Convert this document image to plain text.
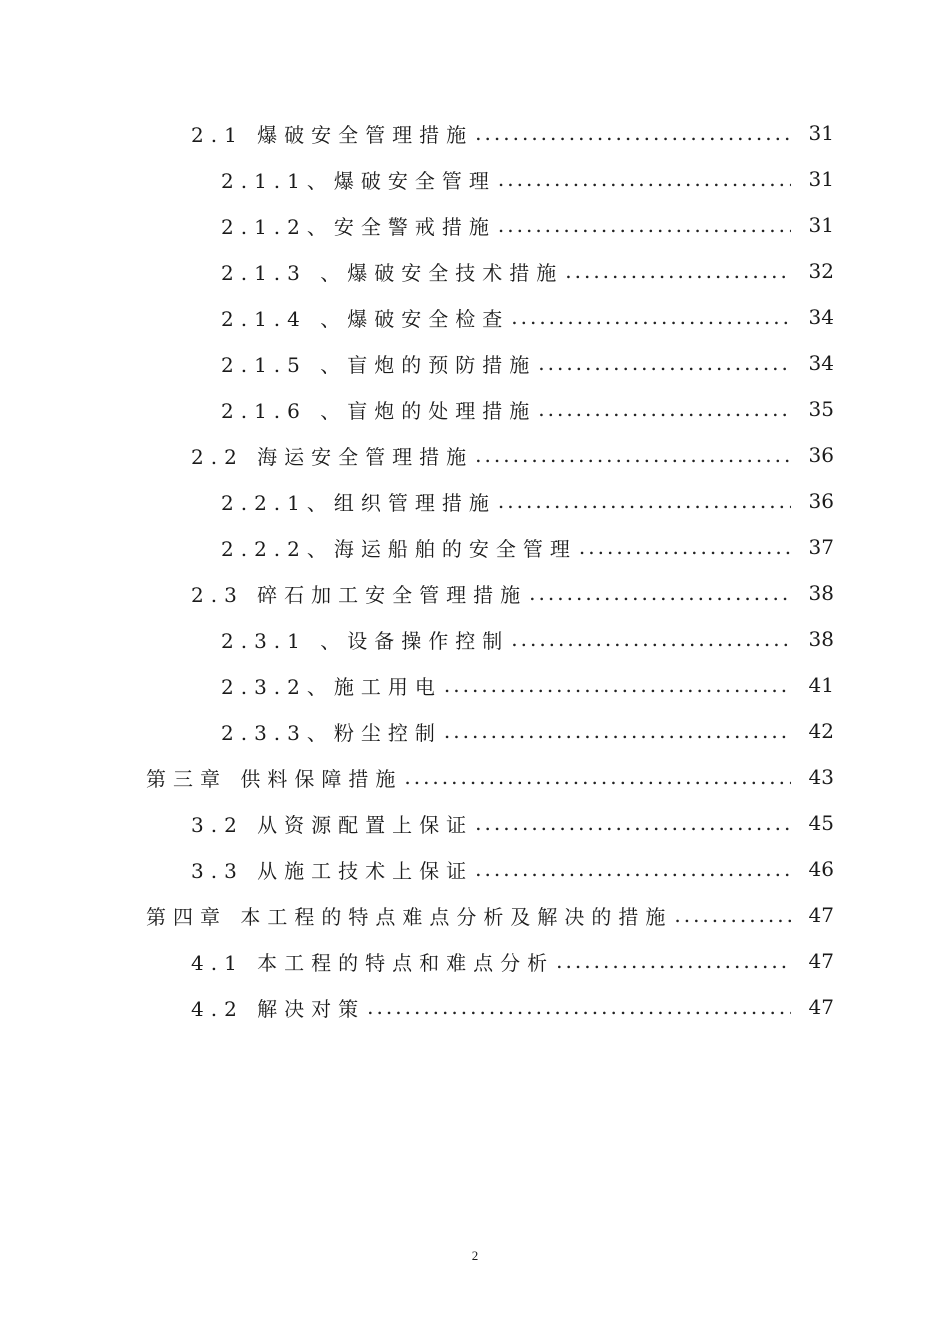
2.1 爆破安全管理措施 .....	31
2.1.1、爆破安全管理 .....	31
2.1.2、安全警戒措施 .....	31
2.1.3 、爆破安全技术措施 .....	32
2.1.4 、爆破安全检查 .....	34
2.1.5 、盲炮的预防措施 .....	34
2.1.6 、盲炮的处理措施 .....	35
2.2 海运安全管理措施 .....	36
2.2.1、组织管理措施 .....	36
2.2.2、海运船舶的安全管理 .....	37
2.3 碎石加工安全管理措施 .....	38
2.3.1 、设备操作控制 .....	38
2.3.2、施工用电 .....	41
2.3.3、粉尘控制 .....	42
第三章 供料保障措施 .....	43
3.2 从资源配置上保证 .....	45
3.3 从施工技术上保证 .....	46
第四章 本工程的特点难点分析及解决的措施 .....	47
4.1 本工程的特点和难点分析 .....	47
4.2 解决对策 .....	47
2
